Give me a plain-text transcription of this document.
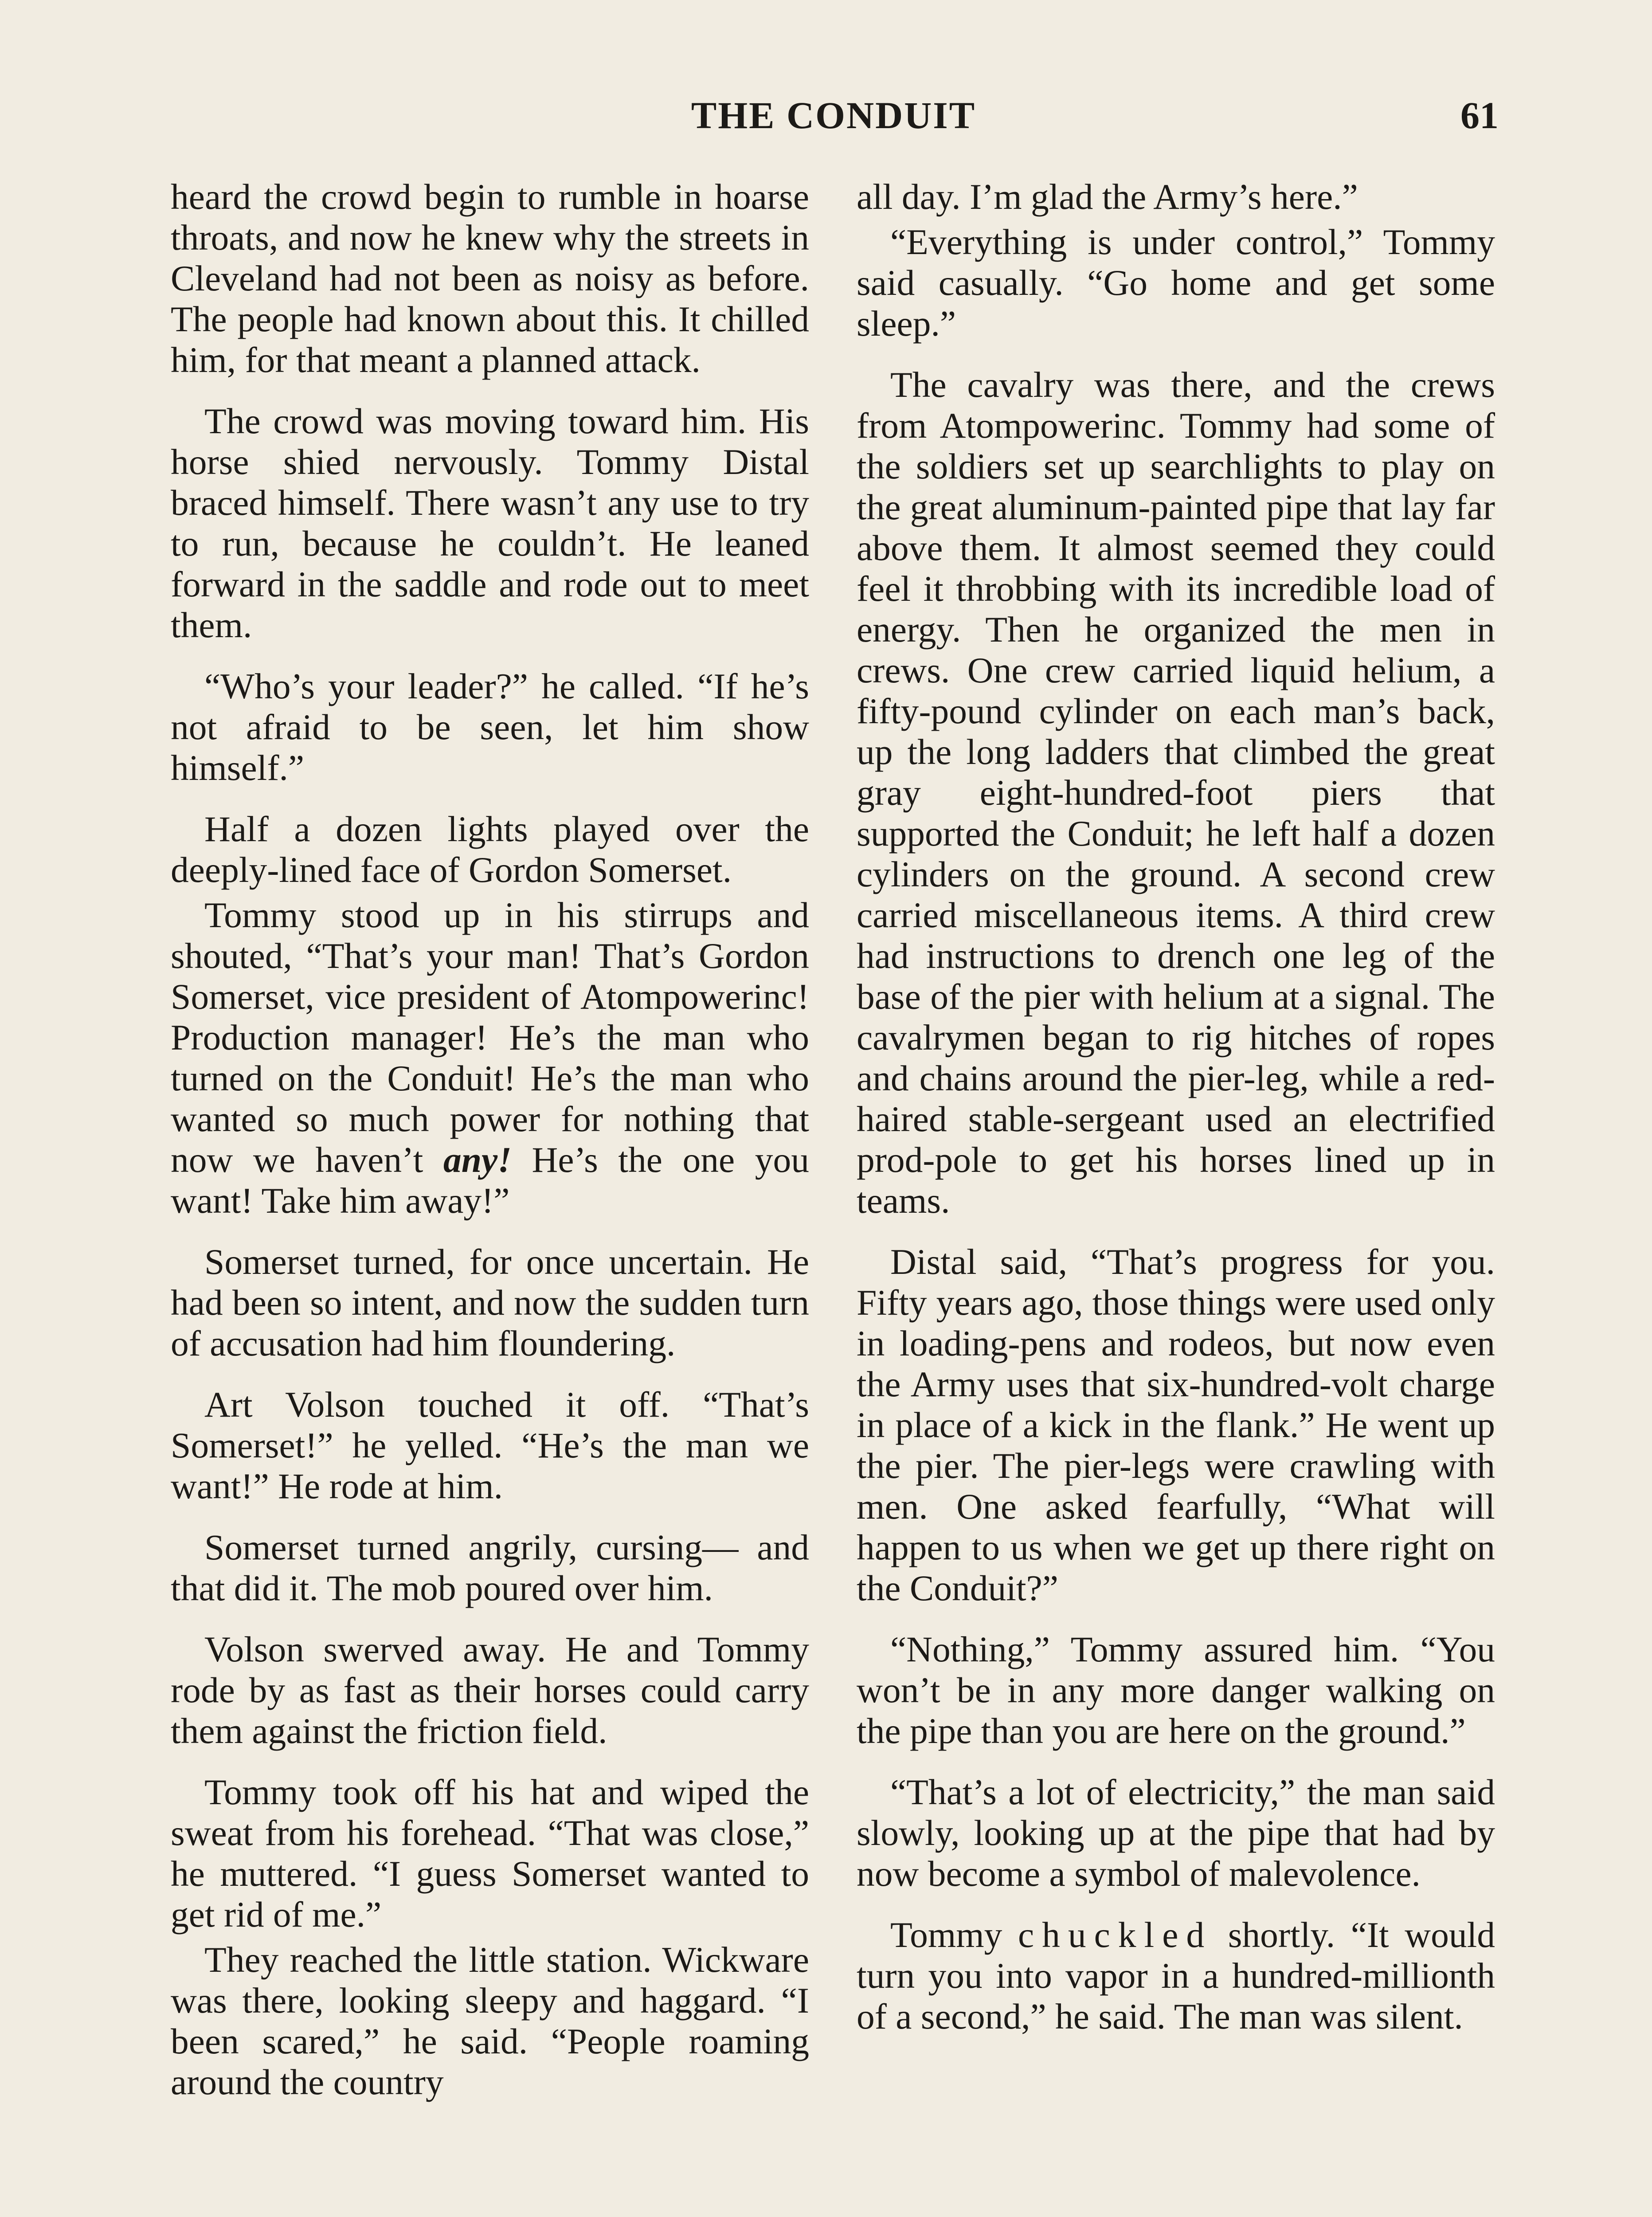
THE CONDUIT	61

heard the crowd begin to rumble in hoarse throats, and now he knew why the streets in Cleveland had not been as noisy as before. The people had known about this. It chilled him, for that meant a planned attack.

The crowd was moving toward him. His horse shied nervously. Tommy Distal braced himself. There wasn’t any use to try to run, because he couldn’t. He leaned forward in the saddle and rode out to meet them.

“Who’s your leader?” he called. “If he’s not afraid to be seen, let him show himself.”

Half a dozen lights played over the deeply-lined face of Gordon Somerset.

Tommy stood up in his stirrups and shouted, “That’s your man! That’s Gordon Somerset, vice president of Atompowerinc! Production manager! He’s the man who turned on the Conduit! He’s the man who wanted so much power for nothing that now we haven’t any! He’s the one you want! Take him away!”

Somerset turned, for once uncertain. He had been so intent, and now the sudden turn of accusation had him floundering.

Art Volson touched it off. “That’s Somerset!” he yelled. “He’s the man we want!” He rode at him.

Somerset turned angrily, cursing— and that did it. The mob poured over him.

Volson swerved away. He and Tommy rode by as fast as their horses could carry them against the friction field.

Tommy took off his hat and wiped the sweat from his forehead. “That was close,” he muttered. “I guess Somerset wanted to get rid of me.”

They reached the little station. Wickware was there, looking sleepy and haggard. “I been scared,” he said. “People roaming around the country

all day. I’m glad the Army’s here.”

“Everything is under control,” Tommy said casually. “Go home and get some sleep.”

The cavalry was there, and the crews from Atompowerinc. Tommy had some of the soldiers set up searchlights to play on the great aluminum-painted pipe that lay far above them. It almost seemed they could feel it throbbing with its incredible load of energy. Then he organized the men in crews. One crew carried liquid helium, a fifty-pound cylinder on each man’s back, up the long ladders that climbed the great gray eight-hundred-foot piers that supported the Conduit; he left half a dozen cylinders on the ground. A second crew carried miscellaneous items. A third crew had instructions to drench one leg of the base of the pier with helium at a signal. The cavalrymen began to rig hitches of ropes and chains around the pier-leg, while a red-haired stable-sergeant used an electrified prod-pole to get his horses lined up in teams.

Distal said, “That’s progress for you. Fifty years ago, those things were used only in loading-pens and rodeos, but now even the Army uses that six-hundred-volt charge in place of a kick in the flank.” He went up the pier. The pier-legs were crawling with men. One asked fearfully, “What will happen to us when we get up there right on the Conduit?”

“Nothing,” Tommy assured him. “You won’t be in any more danger walking on the pipe than you are here on the ground.”

“That’s a lot of electricity,” the man said slowly, looking up at the pipe that had by now become a symbol of malevolence.

Tommy chuckled shortly. “It would turn you into vapor in a hundred-millionth of a second,” he said. The man was silent.
